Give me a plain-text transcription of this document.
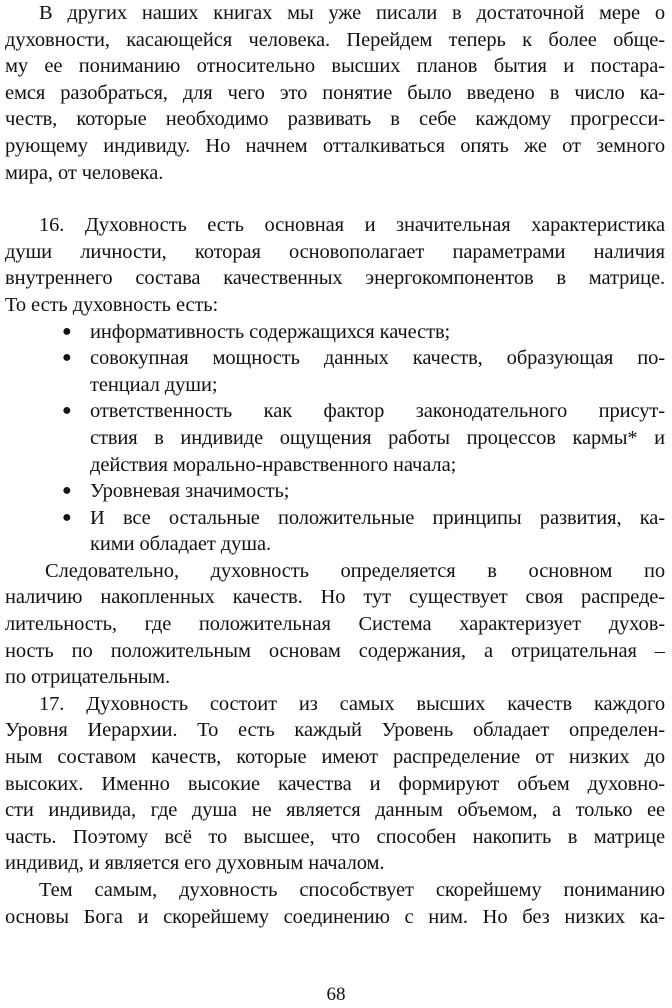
В других наших книгах мы уже писали в достаточной мере о
духовности, касающейся человека. Перейдем теперь к более обще-
му ее пониманию относительно высших планов бытия и постара-
емся разобраться, для чего это понятие было введено в число ка-
честв, которые необходимо развивать в себе каждому прогресси-
рующему индивиду. Но начнем отталкиваться опять же от земного
мира, от человека.
16. Духовность есть основная и значительная характеристика
души личности, которая основополагает параметрами наличия
внутреннего состава качественных энергокомпонентов в матрице.
То есть духовность есть:
● информативность содержащихся качеств;
● совокупная мощность данных качеств, образующая по-
тенциал души;
● ответственность как фактор законодательного присут-
ствия в индивиде ощущения работы процессов кармы* и
действия морально-нравственного начала;
● Уровневая значимость;
● И все остальные положительные принципы развития, ка-
кими обладает душа.
Следовательно, духовность определяется в основном по
наличию накопленных качеств. Но тут существует своя распреде-
лительность, где положительная Система характеризует духов-
ность по положительным основам содержания, а отрицательная –
по отрицательным.
17. Духовность состоит из самых высших качеств каждого
Уровня Иерархии. То есть каждый Уровень обладает определен-
ным составом качеств, которые имеют распределение от низких до
высоких. Именно высокие качества и формируют объем духовно-
сти индивида, где душа не является данным объемом, а только ее
часть. Поэтому всё то высшее, что способен накопить в матрице
индивид, и является его духовным началом.
Тем самым, духовность способствует скорейшему пониманию
основы Бога и скорейшему соединению с ним. Но без низких ка-
68
